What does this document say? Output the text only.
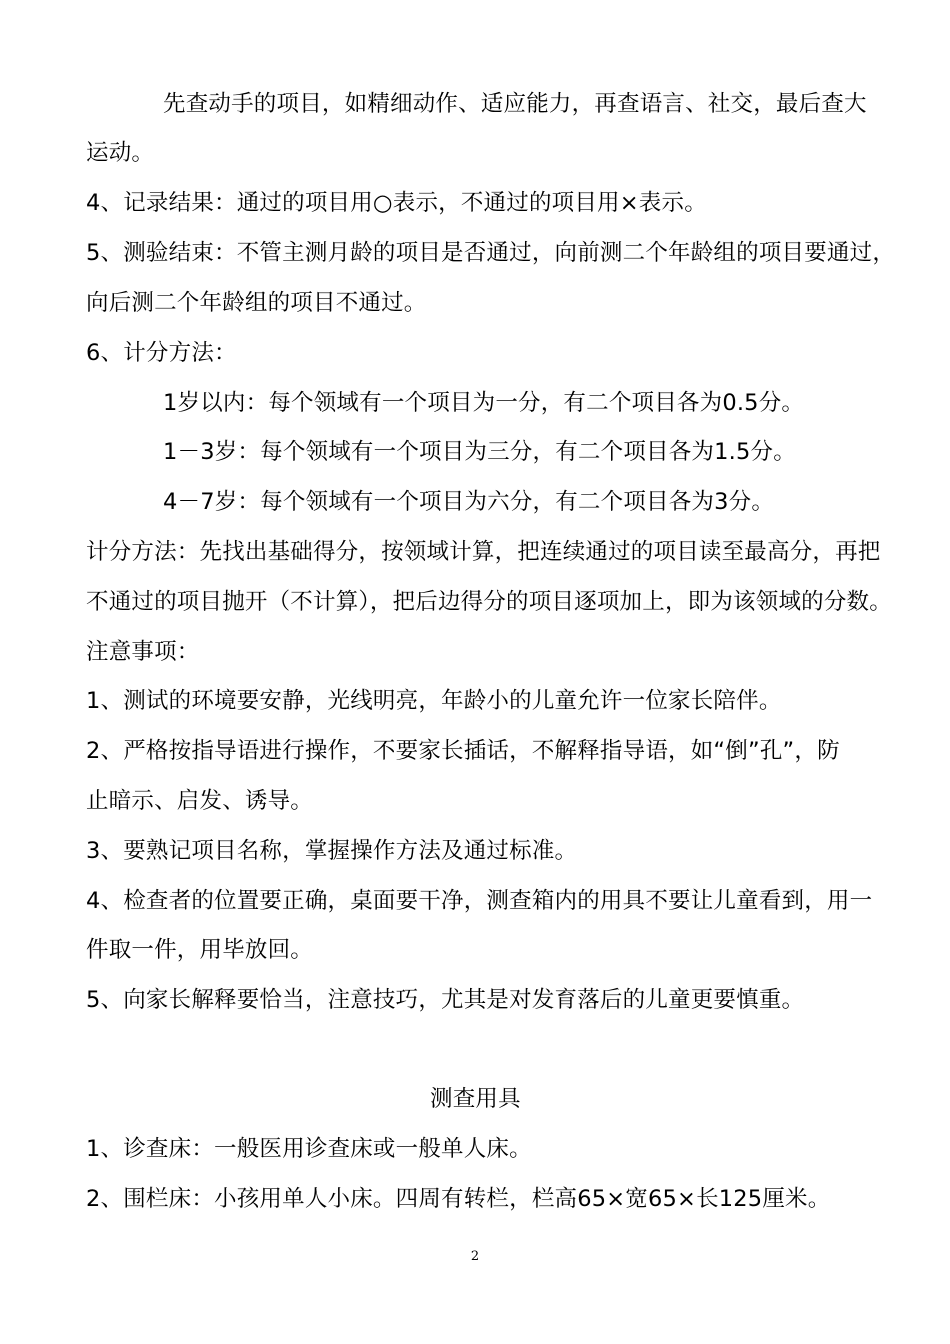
先查动手的项目，如精细动作、适应能力，再查语言、社交，最后查大
运动。
4、记录结果：通过的项目用○表示，不通过的项目用×表示。
5、测验结束：不管主测月龄的项目是否通过，向前测二个年龄组的项目要通过，
向后测二个年龄组的项目不通过。
6、计分方法：
1岁以内：每个领域有一个项目为一分，有二个项目各为0.5分。
1－3岁：每个领域有一个项目为三分，有二个项目各为1.5分。
4－7岁：每个领域有一个项目为六分，有二个项目各为3分。
计分方法：先找出基础得分，按领域计算，把连续通过的项目读至最高分，再把
不通过的项目抛开（不计算），把后边得分的项目逐项加上，即为该领域的分数。
注意事项：
1、测试的环境要安静，光线明亮，年龄小的儿童允许一位家长陪伴。
2、严格按指导语进行操作，不要家长插话，不解释指导语，如“倒”孔”，防
止暗示、启发、诱导。
3、要熟记项目名称，掌握操作方法及通过标准。
4、检查者的位置要正确，桌面要干净，测查箱内的用具不要让儿童看到，用一
件取一件，用毕放回。
5、向家长解释要恰当，注意技巧，尤其是对发育落后的儿童更要慎重。
测查用具
1、诊查床：一般医用诊查床或一般单人床。
2、围栏床：小孩用单人小床。四周有转栏，栏高65×宽65×长125厘米。
2
